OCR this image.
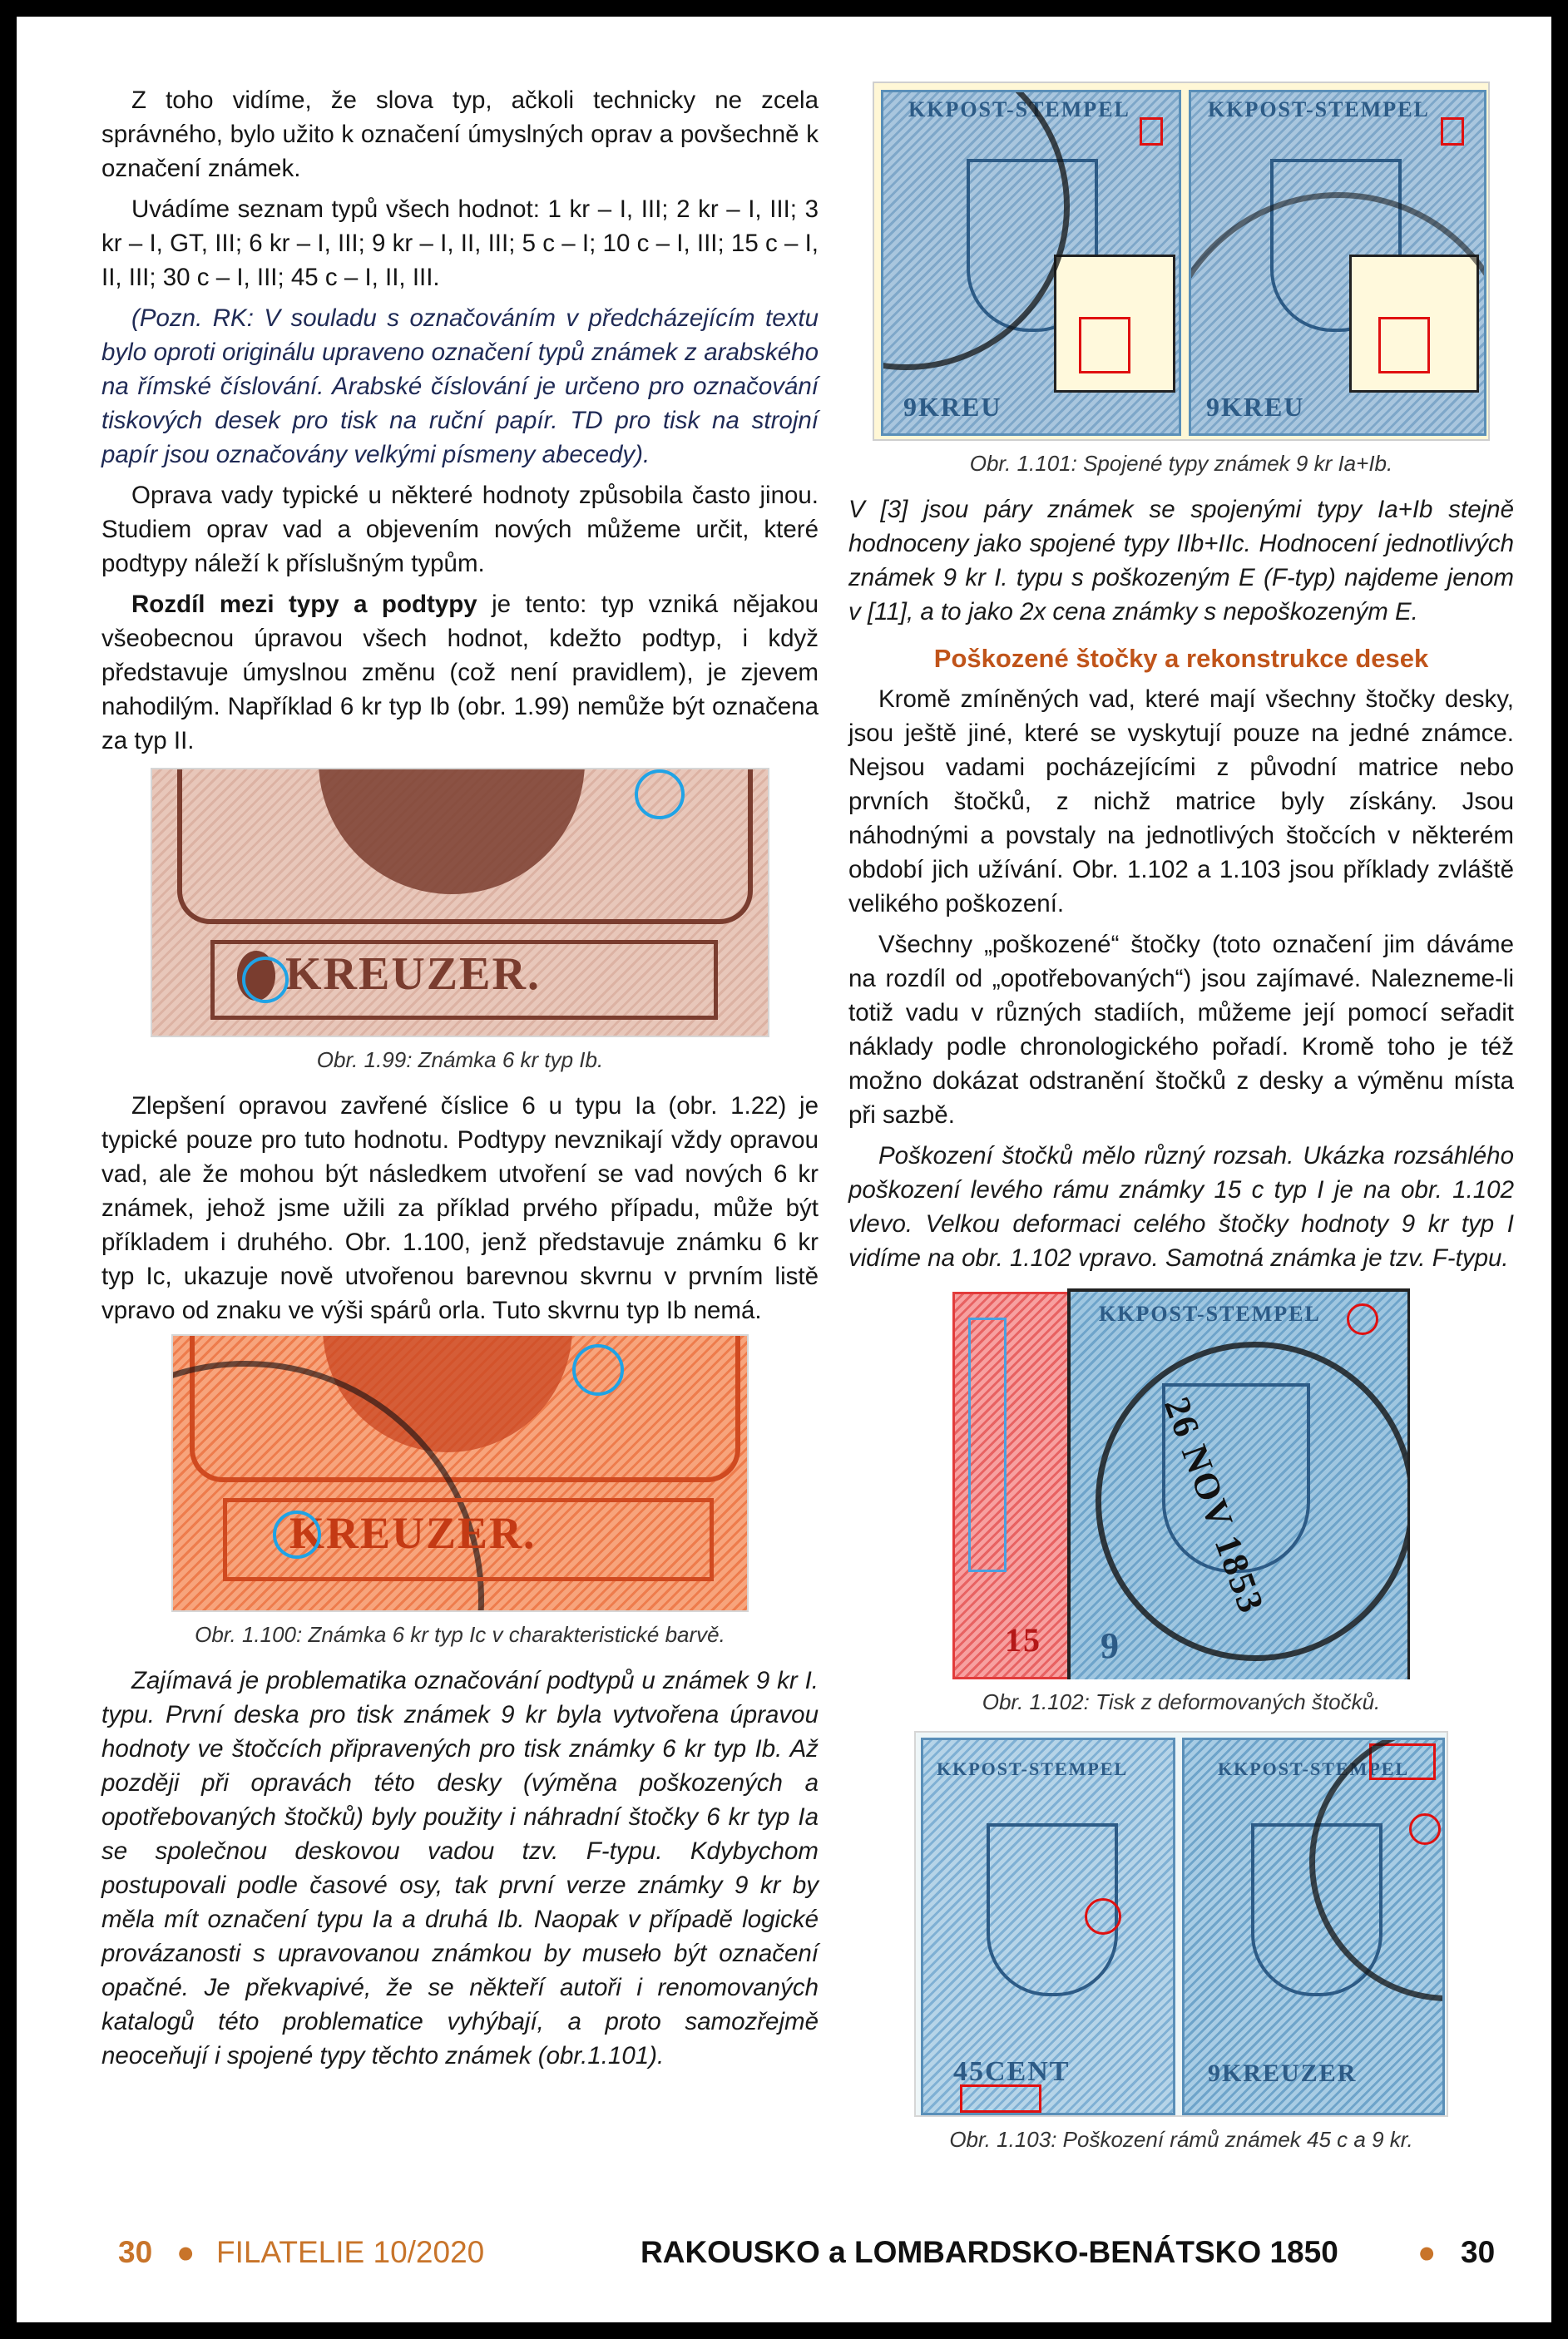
Z toho vidíme, že slova typ, ačkoli technicky ne zcela správného, bylo užito k označení úmyslných oprav a povšechně k označení známek.

Uvádíme seznam typů všech hodnot: 1 kr – I, III; 2 kr – I, III; 3 kr – I, GT, III; 6 kr – I, III; 9 kr – I, II, III; 5 c – I; 10 c – I, III; 15 c – I, II, III; 30 c – I, III; 45 c – I, II, III.

(Pozn. RK: V souladu s označováním v předcházejícím textu bylo oproti originálu upraveno označení typů známek z arabského na římské číslování. Arabské číslování je určeno pro označování tiskových desek pro tisk na ruční papír. TD pro tisk na strojní papír jsou označovány velkými písmeny abecedy).

Oprava vady typické u některé hodnoty způsobila často jinou. Studiem oprav vad a objevením nových můžeme určit, které podtypy náleží k příslušným typům.

Rozdíl mezi typy a podtypy je tento: typ vzniká nějakou všeobecnou úpravou všech hodnot, kdežto podtyp, i když představuje úmyslnou změnu (což není pravidlem), je zjevem nahodilým. Například 6 kr typ Ib (obr. 1.99) nemůže být označena za typ II.

KREUZER.
Obr. 1.99: Známka 6 kr typ Ib.

Zlepšení opravou zavřené číslice 6 u typu Ia (obr. 1.22) je typické pouze pro tuto hodnotu. Podtypy nevznikají vždy opravou vad, ale že mohou být následkem utvoření se vad nových 6 kr známek, jehož jsme užili za příklad prvého případu, může být příkladem i druhého. Obr. 1.100, jenž představuje známku 6 kr typ Ic, ukazuje nově utvořenou barevnou skvrnu v prvním listě vpravo od znaku ve výši spárů orla. Tuto skvrnu typ Ib nemá.

KREUZER.
Obr. 1.100: Známka 6 kr typ Ic v charakteristické barvě.

Zajímavá je problematika označování podtypů u známek 9 kr I. typu. První deska pro tisk známek 9 kr byla vytvořena úpravou hodnoty ve štočcích připravených pro tisk známky 6 kr typ Ib. Až později při opravách této desky (výměna poškozených a opotřebovaných štočků) byly použity i náhradní štočky 6 kr typ Ia se společnou deskovou vadou tzv. F-typu. Kdybychom postupovali podle časové osy, tak první verze známky 9 kr by měla mít označení typu Ia a druhá Ib. Naopak v případě logické provázanosti s upravovanou známkou by museło být označení opačné. Je překvapivé, že se někteří autoři i renomovaných katalogů této problematice vyhýbají, a proto samozřejmě neoceňují i spojené typy těchto známek (obr.1.101).

KKPOST-STEMPEL
9KREU
KKPOST-STEMPEL
9KREU
Obr. 1.101: Spojené typy známek 9 kr Ia+Ib.

V [3] jsou páry známek se spojenými typy Ia+Ib stejně hodnoceny jako spojené typy IIb+IIc. Hodnocení jednotlivých známek 9 kr I. typu s poškozeným E (F-typ) najdeme jenom v [11], a to jako 2x cena známky s nepoškozeným E.

Poškozené štočky a rekonstrukce desek

Kromě zmíněných vad, které mají všechny štočky desky, jsou ještě jiné, které se vyskytují pouze na jedné známce. Nejsou vadami pocházejícími z původní matrice nebo prvních štočků, z nichž matrice byly získány. Jsou náhodnými a povstaly na jednotlivých štočcích v některém období jich užívání. Obr. 1.102 a 1.103 jsou příklady zvláště velikého poškození.

Všechny „poškozené“ štočky (toto označení jim dáváme na rozdíl od „opotřebovaných“) jsou zajímavé. Nalezneme-li totiž vadu v různých stadiích, můžeme její pomocí seřadit náklady podle chronologického pořadí. Kromě toho je též možno dokázat odstranění štočků z desky a výměnu místa při sazbě.

Poškození štočků mělo různý rozsah. Ukázka rozsáhlého poškození levého rámu známky 15 c typ I je na obr. 1.102 vlevo. Velkou deformaci celého štočky hodnoty 9 kr typ I vidíme na obr. 1.102 vpravo. Samotná známka je tzv. F-typu.

15
KKPOST-STEMPEL
26 NOV 1853
9
Obr. 1.102: Tisk z deformovaných štočků.
KKPOST-STEMPEL
45CENT
KKPOST-STEMPEL
9KREUZER
Obr. 1.103: Poškození rámů známek 45 c a 9 kr.
30 ● FILATELIE 10/2020	RAKOUSKO a LOMBARDSKO-BENÁTSKO 1850	● 30
